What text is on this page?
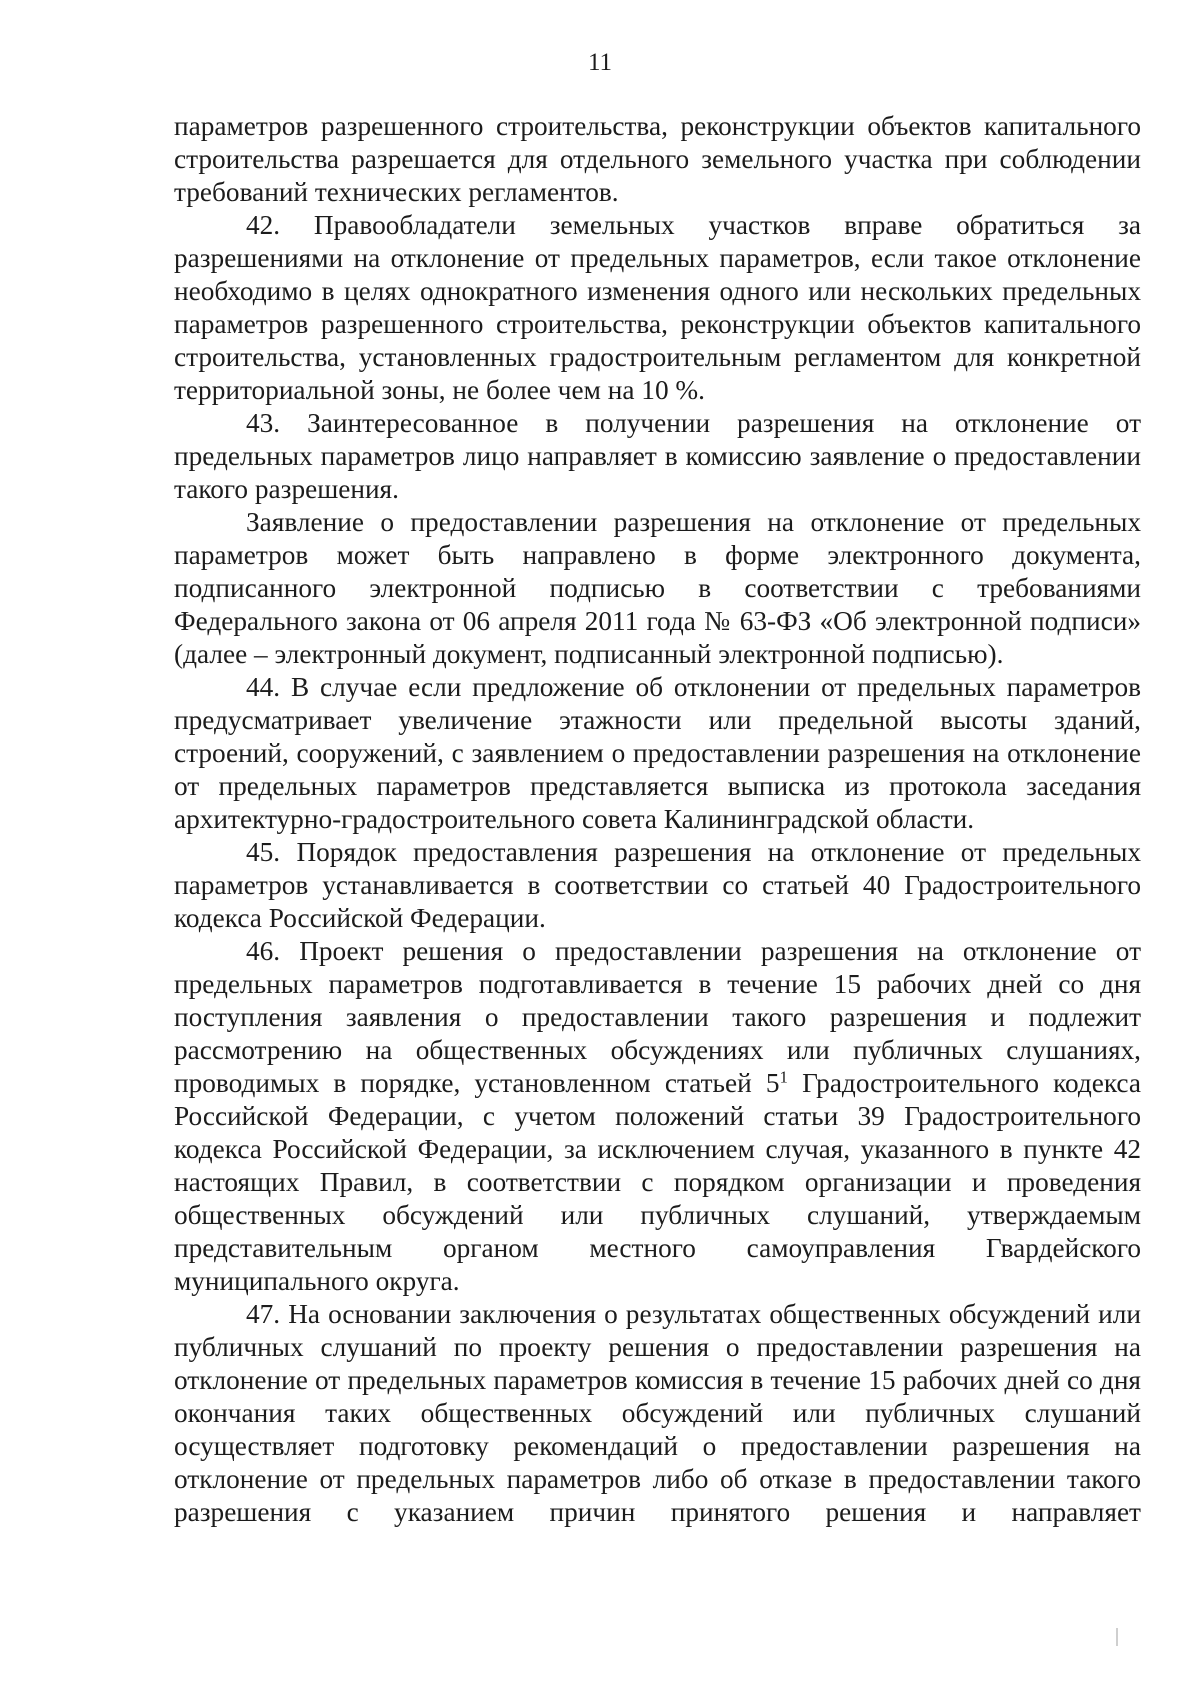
11

параметров разрешенного строительства, реконструкции объектов капитального строительства разрешается для отдельного земельного участка при соблюдении требований технических регламентов.

42. Правообладатели земельных участков вправе обратиться за разрешениями на отклонение от предельных параметров, если такое отклонение необходимо в целях однократного изменения одного или нескольких предельных параметров разрешенного строительства, реконструкции объектов капитального строительства, установленных градостроительным регламентом для конкретной территориальной зоны, не более чем на 10 %.

43. Заинтересованное в получении разрешения на отклонение от предельных параметров лицо направляет в комиссию заявление о предоставлении такого разрешения.

Заявление о предоставлении разрешения на отклонение от предельных параметров может быть направлено в форме электронного документа, подписанного электронной подписью в соответствии с требованиями Федерального закона от 06 апреля 2011 года № 63-ФЗ «Об электронной подписи» (далее – электронный документ, подписанный электронной подписью).

44. В случае если предложение об отклонении от предельных параметров предусматривает увеличение этажности или предельной высоты зданий, строений, сооружений, с заявлением о предоставлении разрешения на отклонение от предельных параметров представляется выписка из протокола заседания архитектурно-градостроительного совета Калининградской области.

45. Порядок предоставления разрешения на отклонение от предельных параметров устанавливается в соответствии со статьей 40 Градостроительного кодекса Российской Федерации.

46. Проект решения о предоставлении разрешения на отклонение от предельных параметров подготавливается в течение 15 рабочих дней со дня поступления заявления о предоставлении такого разрешения и подлежит рассмотрению на общественных обсуждениях или публичных слушаниях, проводимых в порядке, установленном статьей $5^1$ Градостроительного кодекса Российской Федерации, с учетом положений статьи 39 Градостроительного кодекса Российской Федерации, за исключением случая, указанного в пункте 42 настоящих Правил, в соответствии с порядком организации и проведения общественных обсуждений или публичных слушаний, утверждаемым представительным органом местного самоуправления Гвардейского муниципального округа.

47. На основании заключения о результатах общественных обсуждений или публичных слушаний по проекту решения о предоставлении разрешения на отклонение от предельных параметров комиссия в течение 15 рабочих дней со дня окончания таких общественных обсуждений или публичных слушаний осуществляет подготовку рекомендаций о предоставлении разрешения на отклонение от предельных параметров либо об отказе в предоставлении такого разрешения с указанием причин принятого решения и направляет
